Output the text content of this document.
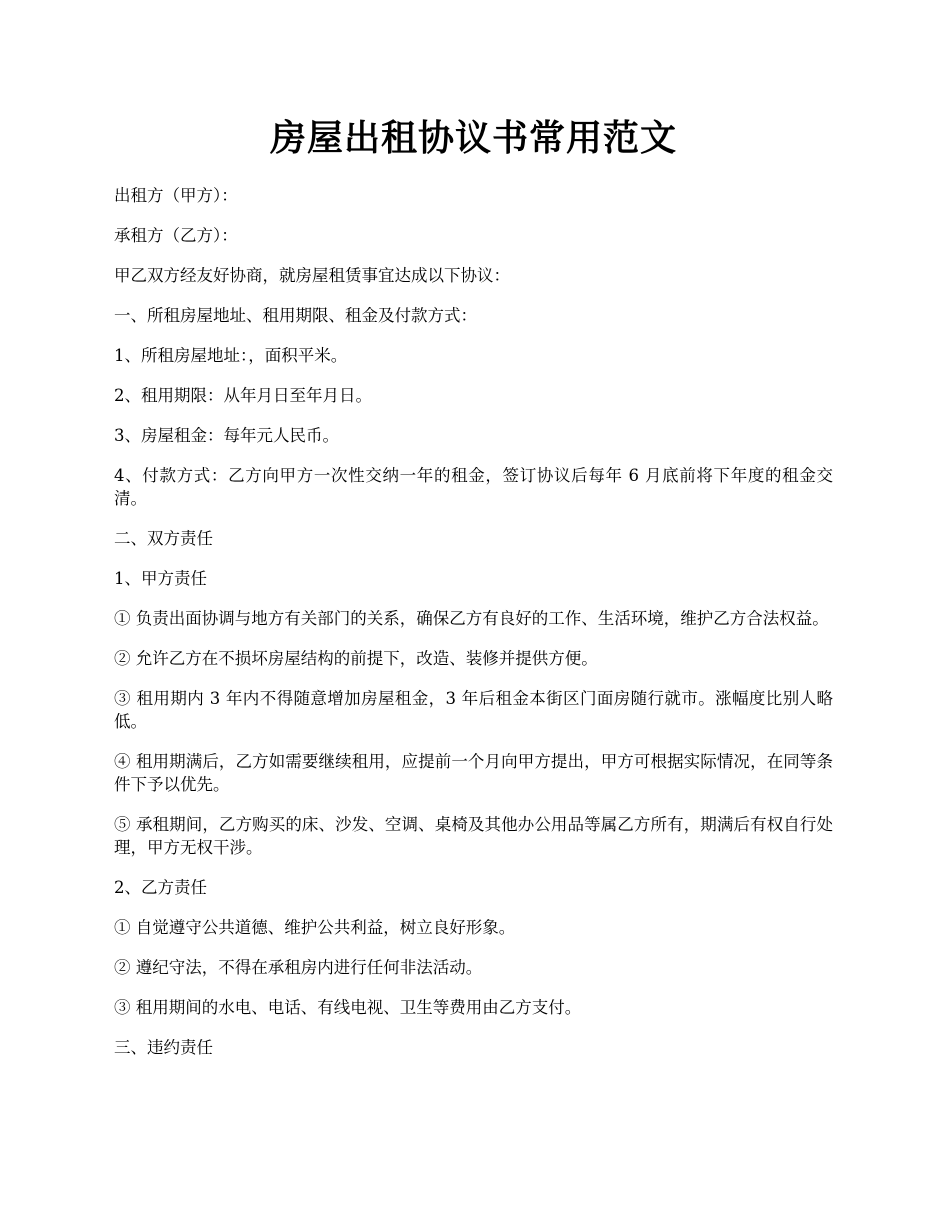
房屋出租协议书常用范文

出租方（甲方）：

承租方（乙方）：

甲乙双方经友好协商，就房屋租赁事宜达成以下协议：

一、所租房屋地址、租用期限、租金及付款方式：

1、所租房屋地址：，面积平米。

2、租用期限：从年月日至年月日。

3、房屋租金：每年元人民币。

4、付款方式：乙方向甲方一次性交纳一年的租金，签订协议后每年 6 月底前将下年度的租金交清。

二、双方责任

1、甲方责任

① 负责出面协调与地方有关部门的关系，确保乙方有良好的工作、生活环境，维护乙方合法权益。

② 允许乙方在不损坏房屋结构的前提下，改造、装修并提供方便。

③ 租用期内 3 年内不得随意增加房屋租金，3 年后租金本街区门面房随行就市。涨幅度比别人略低。

④ 租用期满后，乙方如需要继续租用，应提前一个月向甲方提出，甲方可根据实际情况，在同等条件下予以优先。

⑤ 承租期间，乙方购买的床、沙发、空调、桌椅及其他办公用品等属乙方所有，期满后有权自行处理，甲方无权干涉。

2、乙方责任

① 自觉遵守公共道德、维护公共利益，树立良好形象。

② 遵纪守法，不得在承租房内进行任何非法活动。

③ 租用期间的水电、电话、有线电视、卫生等费用由乙方支付。

三、违约责任
